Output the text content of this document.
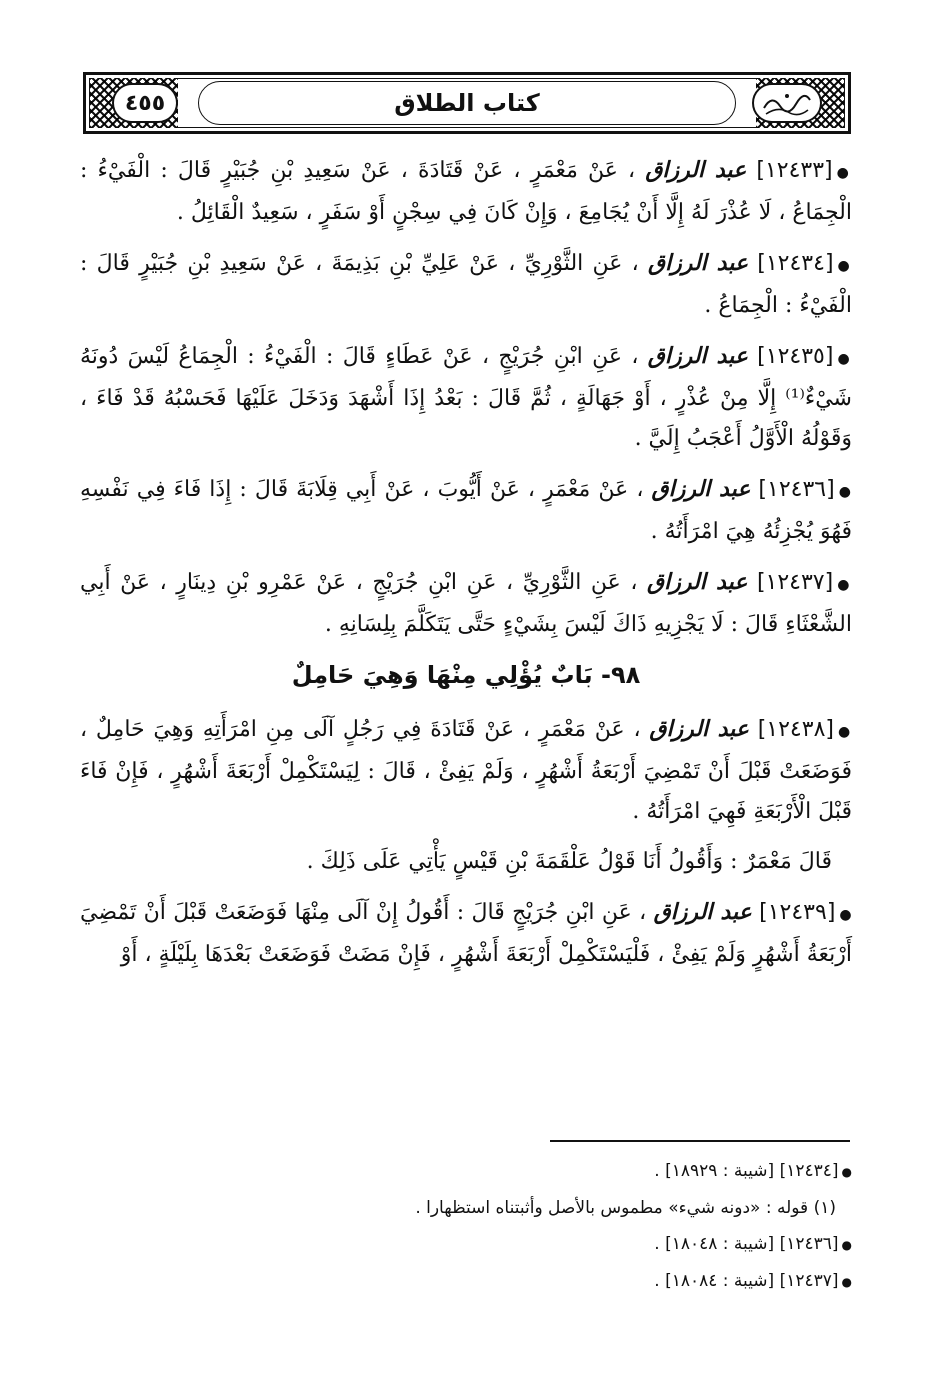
٤٥٥	كتاب الطلاق
●[١٢٤٣٣] عبد الرزاق ، عَنْ مَعْمَرٍ ، عَنْ قَتَادَةَ ، عَنْ سَعِيدِ بْنِ جُبَيْرٍ قَالَ : الْفَيْءُ : الْجِمَاعُ ، لَا عُذْرَ لَهُ إِلَّا أَنْ يُجَامِعَ ، وَإِنْ كَانَ فِي سِجْنٍ أَوْ سَفَرٍ ، سَعِيدٌ الْقَائِلُ .
●[١٢٤٣٤] عبد الرزاق ، عَنِ الثَّوْرِيِّ ، عَنْ عَلِيِّ بْنِ بَذِيمَةَ ، عَنْ سَعِيدِ بْنِ جُبَيْرٍ قَالَ : الْفَيْءُ : الْجِمَاعُ .
●[١٢٤٣٥] عبد الرزاق ، عَنِ ابْنِ جُرَيْجٍ ، عَنْ عَطَاءٍ قَالَ : الْفَيْءُ : الْجِمَاعُ لَيْسَ دُونَهُ شَيْءٌ⁽¹⁾ إِلَّا مِنْ عُذْرٍ ، أَوْ جَهَالَةٍ ، ثُمَّ قَالَ : بَعْدُ إِذَا أَشْهَدَ وَدَخَلَ عَلَيْهَا فَحَسْبُهُ قَدْ فَاءَ ، وَقَوْلُهُ الْأَوَّلُ أَعْجَبُ إِلَيَّ .
●[١٢٤٣٦] عبد الرزاق ، عَنْ مَعْمَرٍ ، عَنْ أَيُّوبَ ، عَنْ أَبِي قِلَابَةَ قَالَ : إِذَا فَاءَ فِي نَفْسِهِ فَهُوَ يُجْزِئُهُ هِيَ امْرَأَتُهُ .
●[١٢٤٣٧] عبد الرزاق ، عَنِ الثَّوْرِيِّ ، عَنِ ابْنِ جُرَيْجٍ ، عَنْ عَمْرِو بْنِ دِينَارٍ ، عَنْ أَبِي الشَّعْثَاءِ قَالَ : لَا يَجْزِيهِ ذَاكَ لَيْسَ بِشَيْءٍ حَتَّى يَتَكَلَّمَ بِلِسَانِهِ .
٩٨- بَابٌ يُؤْلِي مِنْهَا وَهِيَ حَامِلٌ
●[١٢٤٣٨] عبد الرزاق ، عَنْ مَعْمَرٍ ، عَنْ قَتَادَةَ فِي رَجُلٍ آلَى مِنِ امْرَأَتِهِ وَهِيَ حَامِلٌ ، فَوَضَعَتْ قَبْلَ أَنْ تَمْضِيَ أَرْبَعَةُ أَشْهُرٍ ، وَلَمْ يَفِئْ ، قَالَ : لِيَسْتَكْمِلْ أَرْبَعَةَ أَشْهُرٍ ، فَإِنْ فَاءَ قَبْلَ الْأَرْبَعَةِ فَهِيَ امْرَأَتُهُ .
قَالَ مَعْمَرٌ : وَأَقُولُ أَنَا قَوْلُ عَلْقَمَةَ بْنِ قَيْسٍ يَأْتِي عَلَى ذَلِكَ .
●[١٢٤٣٩] عبد الرزاق ، عَنِ ابْنِ جُرَيْجٍ قَالَ : أَقُولُ إِنْ آلَى مِنْهَا فَوَضَعَتْ قَبْلَ أَنْ تَمْضِيَ أَرْبَعَةُ أَشْهُرٍ وَلَمْ يَفِئْ ، فَلْيَسْتَكْمِلْ أَرْبَعَةَ أَشْهُرٍ ، فَإِنْ مَضَتْ فَوَضَعَتْ بَعْدَهَا بِلَيْلَةٍ ، أَوْ
●[١٢٤٣٤] [شيبة : ١٨٩٢٩] .
(١) قوله : «دونه شيء» مطموس بالأصل وأثبتناه استظهارا .
●[١٢٤٣٦] [شيبة : ١٨٠٤٨] .
●[١٢٤٣٧] [شيبة : ١٨٠٨٤] .
